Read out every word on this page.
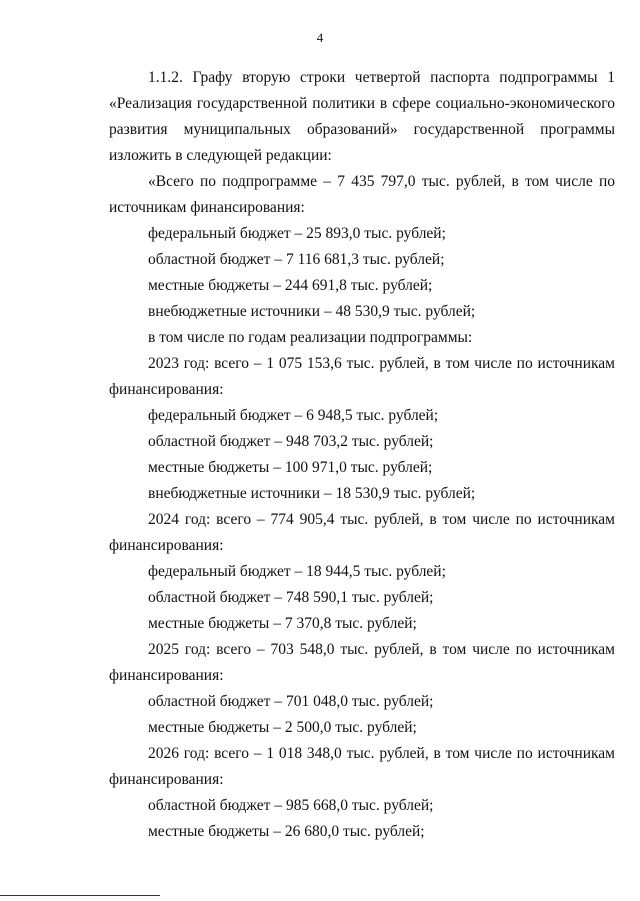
4
1.1.2. Графу вторую строки четвертой паспорта подпрограммы 1
«Реализация государственной политики в сфере социально-экономического
развития муниципальных образований» государственной программы
изложить в следующей редакции:
«Всего по подпрограмме – 7 435 797,0 тыс. рублей, в том числе по
источникам финансирования:
федеральный бюджет – 25 893,0 тыс. рублей;
областной бюджет – 7 116 681,3 тыс. рублей;
местные бюджеты – 244 691,8 тыс. рублей;
внебюджетные источники – 48 530,9 тыс. рублей;
в том числе по годам реализации подпрограммы:
2023 год: всего – 1 075 153,6 тыс. рублей, в том числе по источникам
финансирования:
федеральный бюджет – 6 948,5 тыс. рублей;
областной бюджет – 948 703,2 тыс. рублей;
местные бюджеты – 100 971,0 тыс. рублей;
внебюджетные источники – 18 530,9 тыс. рублей;
2024 год: всего – 774 905,4 тыс. рублей, в том числе по источникам
финансирования:
федеральный бюджет – 18 944,5 тыс. рублей;
областной бюджет – 748 590,1 тыс. рублей;
местные бюджеты – 7 370,8 тыс. рублей;
2025 год: всего – 703 548,0 тыс. рублей, в том числе по источникам
финансирования:
областной бюджет – 701 048,0 тыс. рублей;
местные бюджеты – 2 500,0 тыс. рублей;
2026 год: всего – 1 018 348,0 тыс. рублей, в том числе по источникам
финансирования:
областной бюджет – 985 668,0 тыс. рублей;
местные бюджеты – 26 680,0 тыс. рублей;
